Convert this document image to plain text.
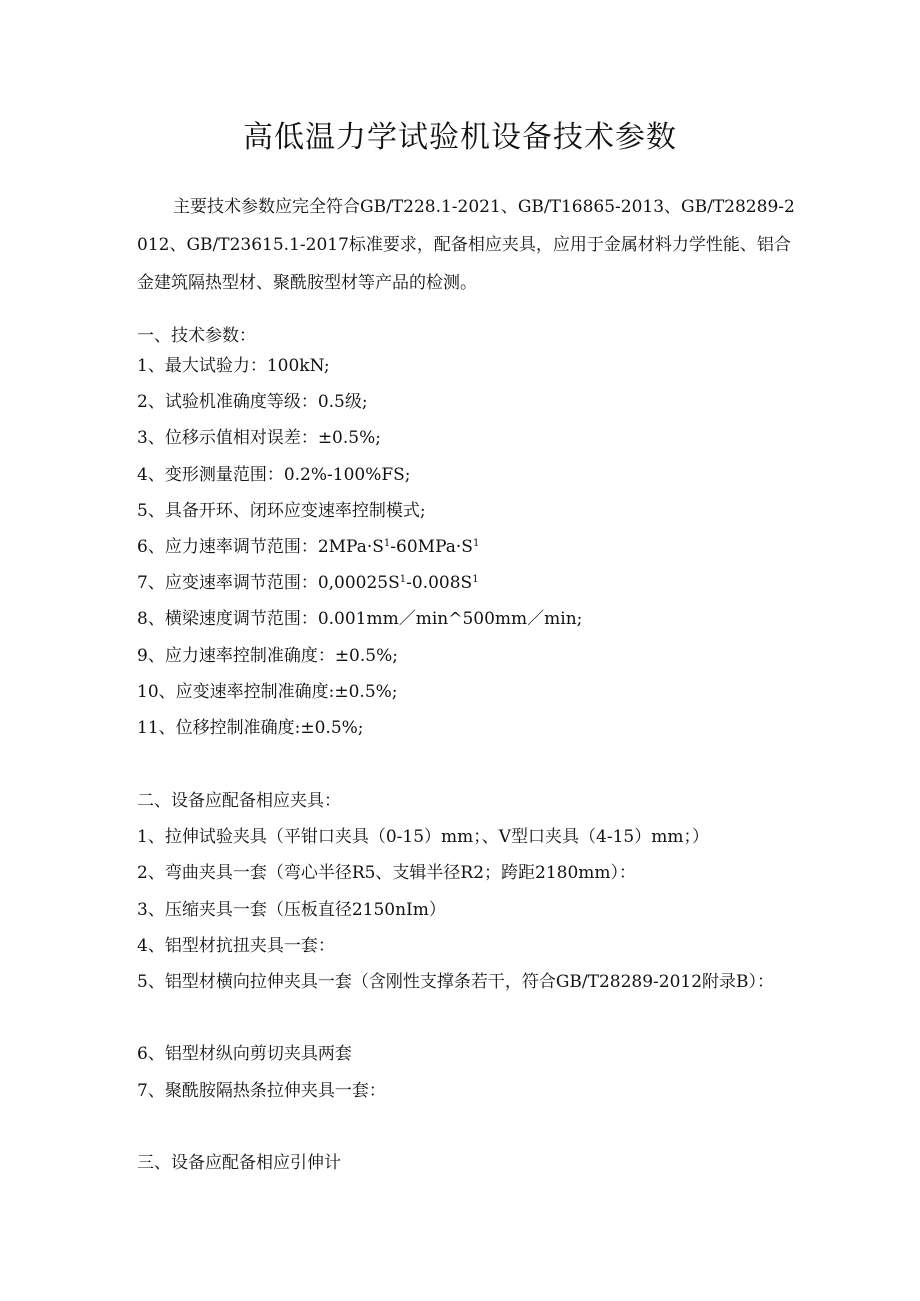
高低温力学试验机设备技术参数
主要技术参数应完全符合GB/T228.1-2021、GB/T16865-2013、GB/T28289-2012、GB/T23615.1-2017标准要求，配备相应夹具，应用于金属材料力学性能、铝合金建筑隔热型材、聚酰胺型材等产品的检测。
一、技术参数：
1、最大试验力：100kN;
2、试验机准确度等级：0.5级;
3、位移示值相对误差：±0.5%;
4、变形测量范围：0.2%-100%FS;
5、具备开环、闭环应变速率控制模式;
6、应力速率调节范围：$2MPa\cdot S^1-60MPa\cdot S^1$
7、应变速率调节范围：$0,00025S^1-0.008S^1$
8、横梁速度调节范围：0.001mm／min^500mm／min;
9、应力速率控制准确度：±0.5%;
10、应变速率控制准确度:±0.5%;
11、位移控制准确度:±0.5%;
二、设备应配备相应夹具：
1、拉伸试验夹具（平钳口夹具（0-15）mm；、V型口夹具（4-15）mm；）
2、弯曲夹具一套（弯心半径R5、支辑半径R2；跨距2180mm）：
3、压缩夹具一套（压板直径2150nIm）
4、铝型材抗扭夹具一套：
5、铝型材横向拉伸夹具一套（含刚性支撑条若干，符合GB/T28289-2012附录B）：
6、铝型材纵向剪切夹具两套
7、聚酰胺隔热条拉伸夹具一套：
三、设备应配备相应引伸计
